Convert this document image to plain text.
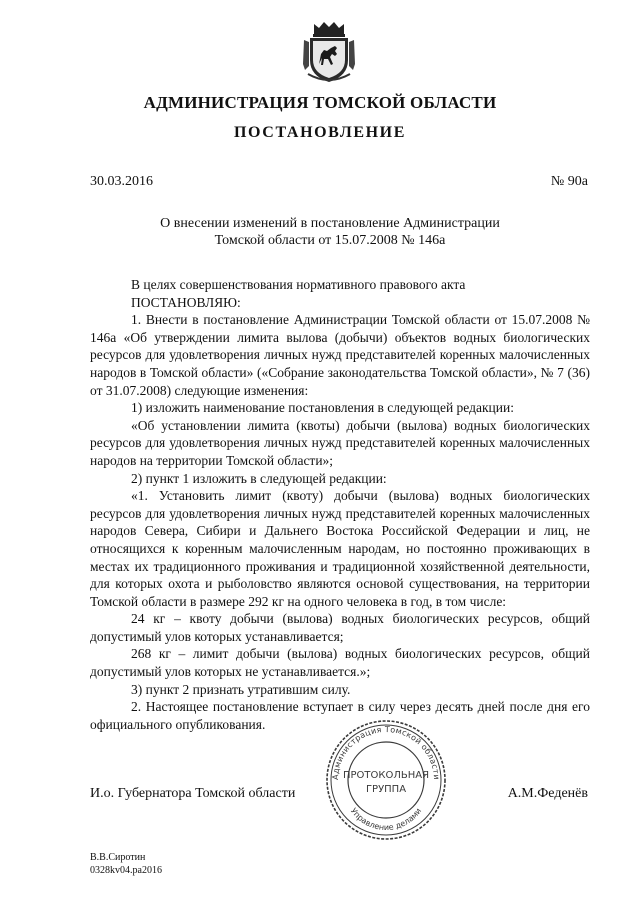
АДМИНИСТРАЦИЯ ТОМСКОЙ ОБЛАСТИ
ПОСТАНОВЛЕНИЕ
30.03.2016	№ 90а
О внесении изменений в постановление Администрации
Томской области от 15.07.2008 № 146а

В целях совершенствования нормативного правового акта

ПОСТАНОВЛЯЮ:

1. Внести в постановление Администрации Томской области от 15.07.2008 № 146а «Об утверждении лимита вылова (добычи) объектов водных биологических ресурсов для удовлетворения личных нужд представителей коренных малочисленных народов в Томской области» («Собрание законодательства Томской области», № 7 (36) от 31.07.2008) следующие изменения:

1) изложить наименование постановления в следующей редакции:

«Об установлении лимита (квоты) добычи (вылова) водных биологических ресурсов для удовлетворения личных нужд представителей коренных малочисленных народов на территории Томской области»;

2) пункт 1 изложить в следующей редакции:

«1. Установить лимит (квоту) добычи (вылова) водных биологических ресурсов для удовлетворения личных нужд представителей коренных малочисленных народов Севера, Сибири и Дальнего Востока Российской Федерации и лиц, не относящихся к коренным малочисленным народам, но постоянно проживающих в местах их традиционного проживания и традиционной хозяйственной деятельности, для которых охота и рыболовство являются основой существования, на территории Томской области в размере 292 кг на одного человека в год, в том числе:

24 кг – квоту добычи (вылова) водных биологических ресурсов, общий допустимый улов которых устанавливается;

268 кг – лимит добычи (вылова) водных биологических ресурсов, общий допустимый улов которых не устанавливается.»;

3) пункт 2 признать утратившим силу.

2. Настоящее постановление вступает в силу через десять дней после дня его официального опубликования.

Администрация Томской области
Управление делами
ПРОТОКОЛЬНАЯ
ГРУППА
И.о. Губернатора Томской области	А.М.Феденёв
В.В.Сиротин
0328kv04.ра2016
